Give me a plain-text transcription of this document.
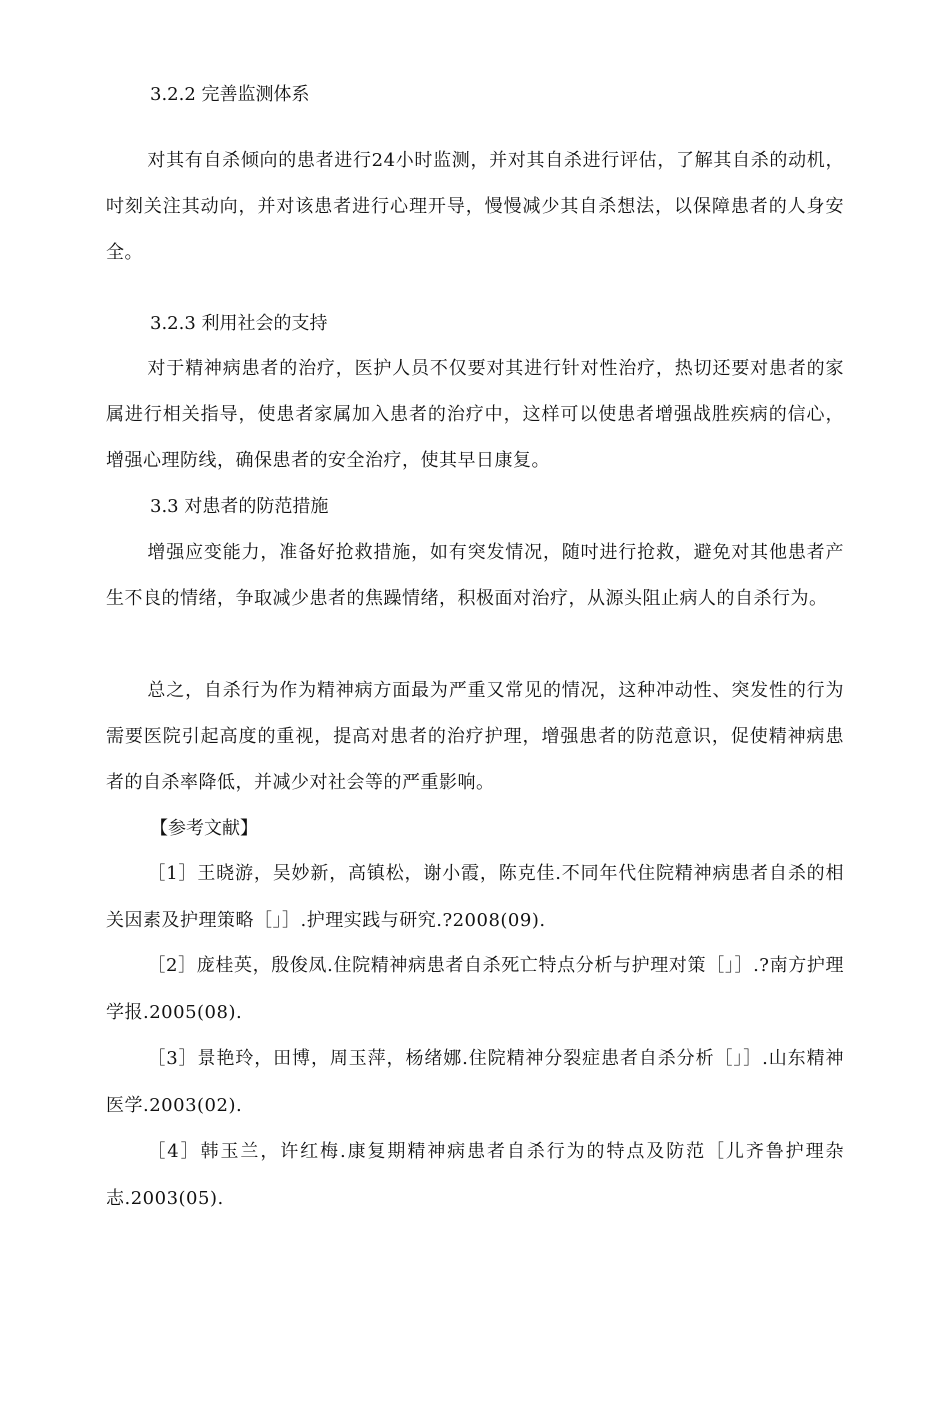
3.2.2 完善监测体系

对其有自杀倾向的患者进行24小时监测，并对其自杀进行评估，了解其自杀的动机，吋刻关注其动向，并对该患者进行心理开导，慢慢减少其自杀想法，以保障患者的人身安全。

3.2.3 利用社会的支持

对于精神病患者的治疗，医护人员不仅要对其进行针对性治疗，热切还要对患者的家属进行相关指导，使患者家属加入患者的治疗中，这样可以使患者增强战胜疾病的信心，增强心理防线，确保患者的安全治疗，使其早日康复。

3.3 对患者的防范措施

增强应变能力，准备好抢救措施，如有突发情况，随吋进行抢救，避免对其他患者产生不良的情绪，争取减少患者的焦躁情绪，积极面对治疗，从源头阻止病人的自杀行为。

总之，自杀行为作为精神病方面最为严重又常见的情况，这种冲动性、突发性的行为需要医院引起高度的重视，提高对患者的治疗护理，增强患者的防范意识，促使精神病患者的自杀率降低，并减少对社会等的严重影响。

【参考文献】

［1］王晓游，吴妙新，高镇松，谢小霞，陈克佳.不同年代住院精神病患者自杀的相关因素及护理策略［」］.护理实践与研究.?2008(09).

［2］庞桂英，殷俊凤.住院精神病患者自杀死亡特点分析与护理对策［」］.?南方护理学报.2005(08).

［3］景艳玲，田博，周玉萍，杨绪娜.住院精神分裂症患者自杀分析［」］.山东精神医学.2003(02).

［4］韩玉兰，许红梅.康复期精神病患者自杀行为的特点及防范［儿齐鲁护理杂志.2003(05).
